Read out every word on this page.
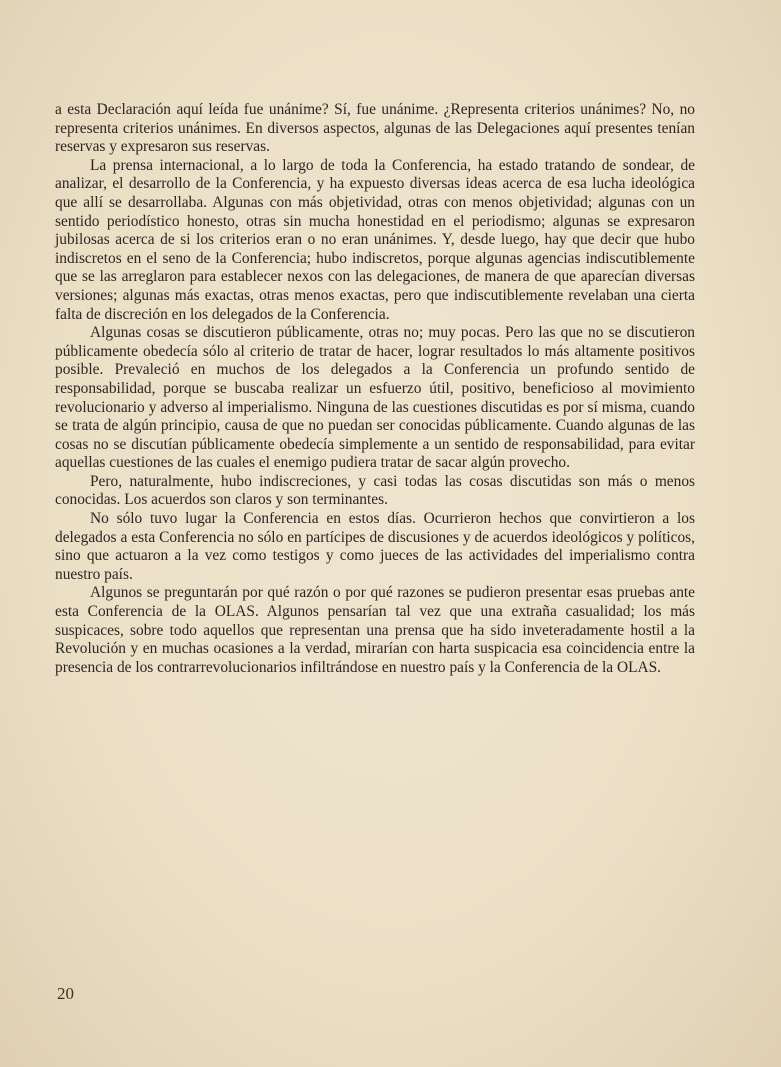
a esta Declaración aquí leída fue unánime? Sí, fue unánime. ¿Representa criterios unánimes? No, no representa criterios unánimes. En diversos aspectos, algunas de las Delegaciones aquí presentes tenían reservas y expresaron sus reservas.

La prensa internacional, a lo largo de toda la Conferencia, ha estado tratando de sondear, de analizar, el desarrollo de la Conferencia, y ha expuesto diversas ideas acerca de esa lucha ideológica que allí se desarrollaba. Algunas con más objetividad, otras con menos objetividad; algunas con un sentido periodístico honesto, otras sin mucha honestidad en el periodismo; algunas se expresaron jubilosas acerca de si los criterios eran o no eran unánimes. Y, desde luego, hay que decir que hubo indiscretos en el seno de la Conferencia; hubo indiscretos, porque algunas agencias indiscutiblemente que se las arreglaron para establecer nexos con las delegaciones, de manera de que aparecían diversas versiones; algunas más exactas, otras menos exactas, pero que indiscutiblemente revelaban una cierta falta de discreción en los delegados de la Conferencia.

Algunas cosas se discutieron públicamente, otras no; muy pocas. Pero las que no se discutieron públicamente obedecía sólo al criterio de tratar de hacer, lograr resultados lo más altamente positivos posible. Prevaleció en muchos de los delegados a la Conferencia un profundo sentido de responsabilidad, porque se buscaba realizar un esfuerzo útil, positivo, beneficioso al movimiento revolucionario y adverso al imperialismo. Ninguna de las cuestiones discutidas es por sí misma, cuando se trata de algún principio, causa de que no puedan ser conocidas públicamente. Cuando algunas de las cosas no se discutían públicamente obedecía simplemente a un sentido de responsabilidad, para evitar aquellas cuestiones de las cuales el enemigo pudiera tratar de sacar algún provecho.

Pero, naturalmente, hubo indiscreciones, y casi todas las cosas discutidas son más o menos conocidas. Los acuerdos son claros y son terminantes.

No sólo tuvo lugar la Conferencia en estos días. Ocurrieron hechos que convirtieron a los delegados a esta Conferencia no sólo en partícipes de discusiones y de acuerdos ideológicos y políticos, sino que actuaron a la vez como testigos y como jueces de las actividades del imperialismo contra nuestro país.

Algunos se preguntarán por qué razón o por qué razones se pudieron presentar esas pruebas ante esta Conferencia de la OLAS. Algunos pensarían tal vez que una extraña casualidad; los más suspicaces, sobre todo aquellos que representan una prensa que ha sido inveteradamente hostil a la Revolución y en muchas ocasiones a la verdad, mirarían con harta suspicacia esa coincidencia entre la presencia de los contrarrevolucionarios infiltrándose en nuestro país y la Conferencia de la OLAS.

20
